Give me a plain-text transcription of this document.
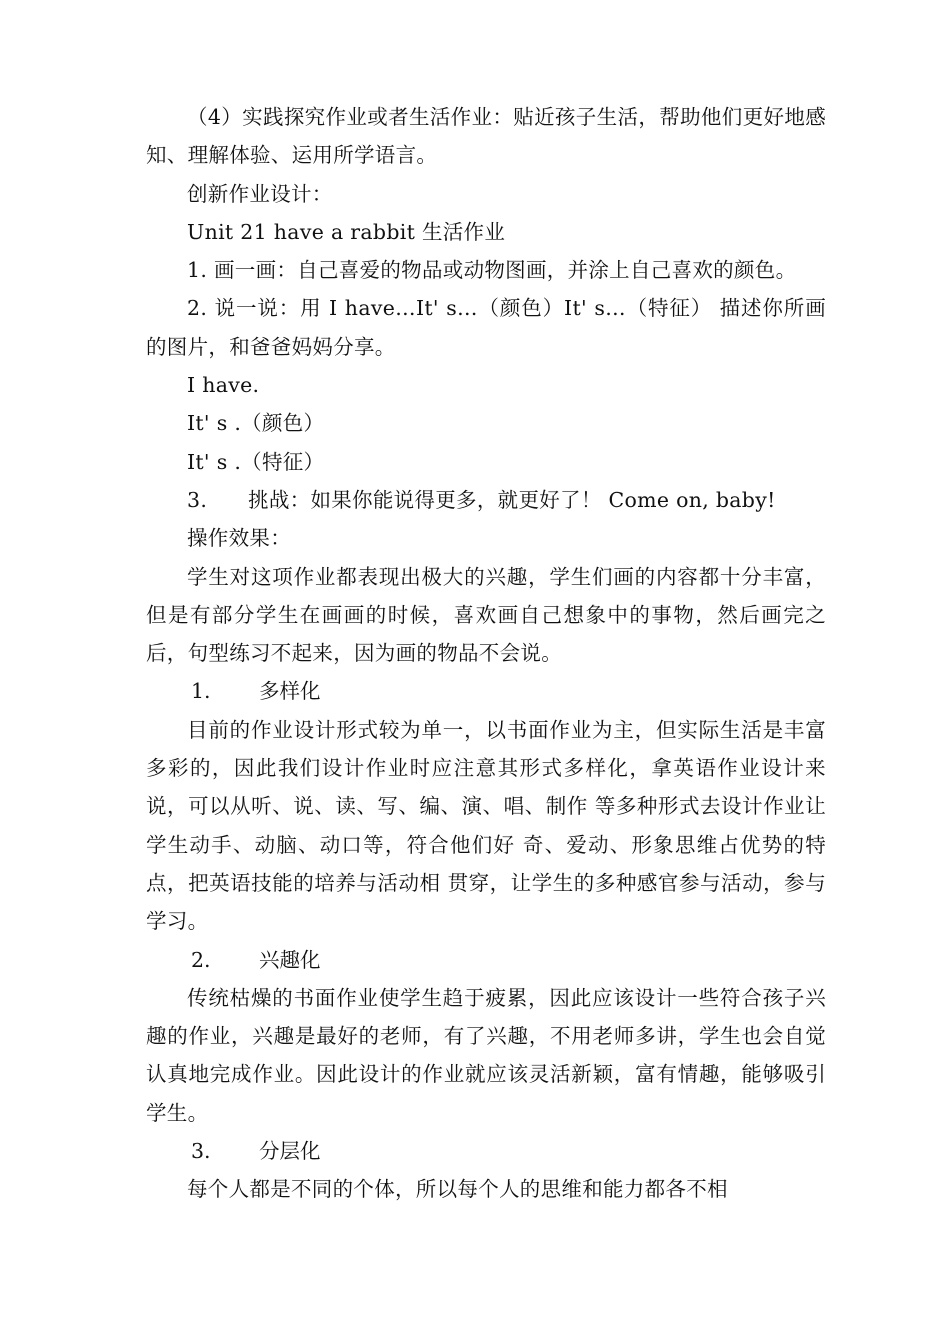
（4）实践探究作业或者生活作业：贴近孩子生活，帮助他们更好地感知、理解体验、运用所学语言。

创新作业设计：

Unit 21 have a rabbit 生活作业

1. 画一画：自己喜爱的物品或动物图画，并涂上自己喜欢的颜色。

2. 说一说：用 I have…It' s…（颜色）It' s…（特征） 描述你所画的图片，和爸爸妈妈分享。

I have.

It' s .（颜色）

It' s .（特征）

3.      挑战：如果你能说得更多，就更好了！ Come on, baby!

操作效果：

学生对这项作业都表现出极大的兴趣，学生们画的内容都十分丰富，但是有部分学生在画画的时候，喜欢画自己想象中的事物，然后画完之后，句型练习不起来，因为画的物品不会说。

1. 多样化

目前的作业设计形式较为单一，以书面作业为主，但实际生活是丰富多彩的，因此我们设计作业时应注意其形式多样化，拿英语作业设计来说，可以从听、说、读、写、编、演、唱、制作 等多种形式去设计作业让学生动手、动脑、动口等，符合他们好 奇、爱动、形象思维占优势的特点，把英语技能的培养与活动相 贯穿，让学生的多种感官参与活动，参与学习。

2. 兴趣化

传统枯燥的书面作业使学生趋于疲累，因此应该设计一些符合孩子兴趣的作业，兴趣是最好的老师，有了兴趣，不用老师多讲，学生也会自觉认真地完成作业。因此设计的作业就应该灵活新颖，富有情趣，能够吸引学生。

3. 分层化

每个人都是不同的个体，所以每个人的思维和能力都各不相
